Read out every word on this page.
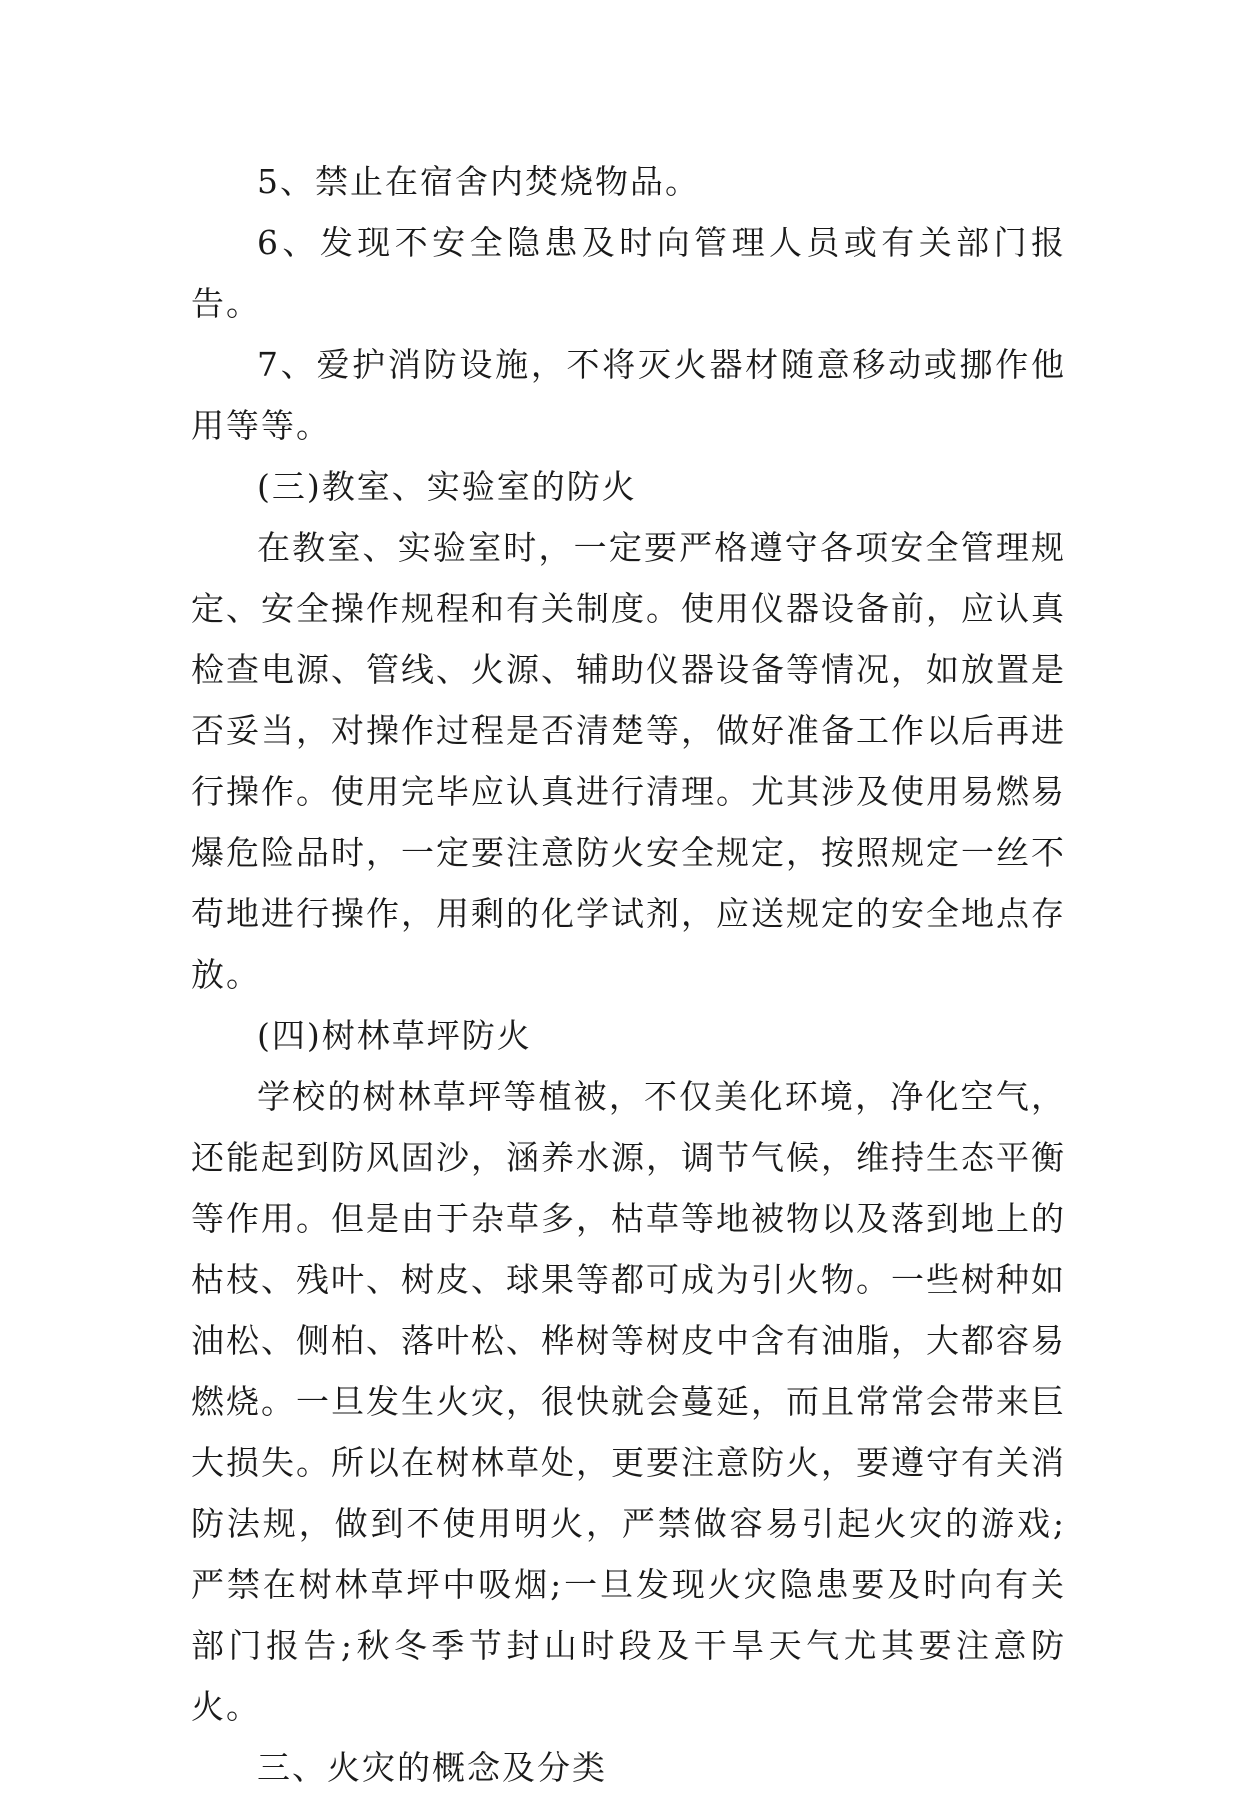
5、禁止在宿舍内焚烧物品。

6、发现不安全隐患及时向管理人员或有关部门报告。

7、爱护消防设施，不将灭火器材随意移动或挪作他用等等。

(三)教室、实验室的防火

在教室、实验室时，一定要严格遵守各项安全管理规定、安全操作规程和有关制度。使用仪器设备前，应认真检查电源、管线、火源、辅助仪器设备等情况，如放置是否妥当，对操作过程是否清楚等，做好准备工作以后再进行操作。使用完毕应认真进行清理。尤其涉及使用易燃易爆危险品时，一定要注意防火安全规定，按照规定一丝不苟地进行操作，用剩的化学试剂，应送规定的安全地点存放。

(四)树林草坪防火

学校的树林草坪等植被，不仅美化环境，净化空气，还能起到防风固沙，涵养水源，调节气候，维持生态平衡等作用。但是由于杂草多，枯草等地被物以及落到地上的枯枝、残叶、树皮、球果等都可成为引火物。一些树种如油松、侧柏、落叶松、桦树等树皮中含有油脂，大都容易燃烧。一旦发生火灾，很快就会蔓延，而且常常会带来巨大损失。所以在树林草处，更要注意防火，要遵守有关消防法规，做到不使用明火，严禁做容易引起火灾的游戏;严禁在树林草坪中吸烟;一旦发现火灾隐患要及时向有关部门报告;秋冬季节封山时段及干旱天气尤其要注意防火。

三、火灾的概念及分类
